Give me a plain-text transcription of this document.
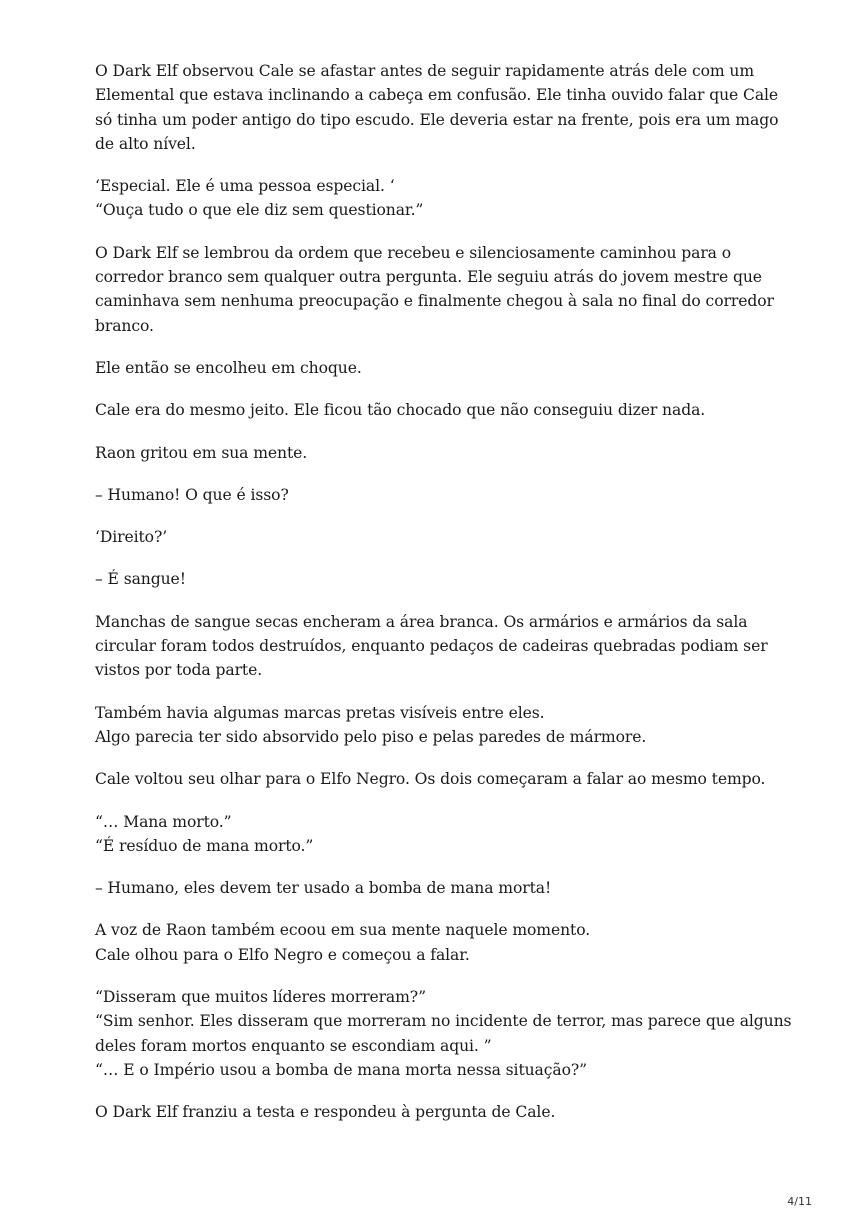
O Dark Elf observou Cale se afastar antes de seguir rapidamente atrás dele com um Elemental que estava inclinando a cabeça em confusão. Ele tinha ouvido falar que Cale só tinha um poder antigo do tipo escudo. Ele deveria estar na frente, pois era um mago de alto nível.

‘Especial. Ele é uma pessoa especial. ‘
“Ouça tudo o que ele diz sem questionar.”

O Dark Elf se lembrou da ordem que recebeu e silenciosamente caminhou para o corredor branco sem qualquer outra pergunta. Ele seguiu atrás do jovem mestre que caminhava sem nenhuma preocupação e finalmente chegou à sala no final do corredor branco.

Ele então se encolheu em choque.

Cale era do mesmo jeito. Ele ficou tão chocado que não conseguiu dizer nada.

Raon gritou em sua mente.

– Humano! O que é isso?

‘Direito?’

– É sangue!

Manchas de sangue secas encheram a área branca. Os armários e armários da sala circular foram todos destruídos, enquanto pedaços de cadeiras quebradas podiam ser vistos por toda parte.

Também havia algumas marcas pretas visíveis entre eles.
Algo parecia ter sido absorvido pelo piso e pelas paredes de mármore.

Cale voltou seu olhar para o Elfo Negro. Os dois começaram a falar ao mesmo tempo.

“… Mana morto.”
“É resíduo de mana morto.”

– Humano, eles devem ter usado a bomba de mana morta!

A voz de Raon também ecoou em sua mente naquele momento.
Cale olhou para o Elfo Negro e começou a falar.

“Disseram que muitos líderes morreram?”
“Sim senhor. Eles disseram que morreram no incidente de terror, mas parece que alguns deles foram mortos enquanto se escondiam aqui. ”
“… E o Império usou a bomba de mana morta nessa situação?”

O Dark Elf franziu a testa e respondeu à pergunta de Cale.

4/11
